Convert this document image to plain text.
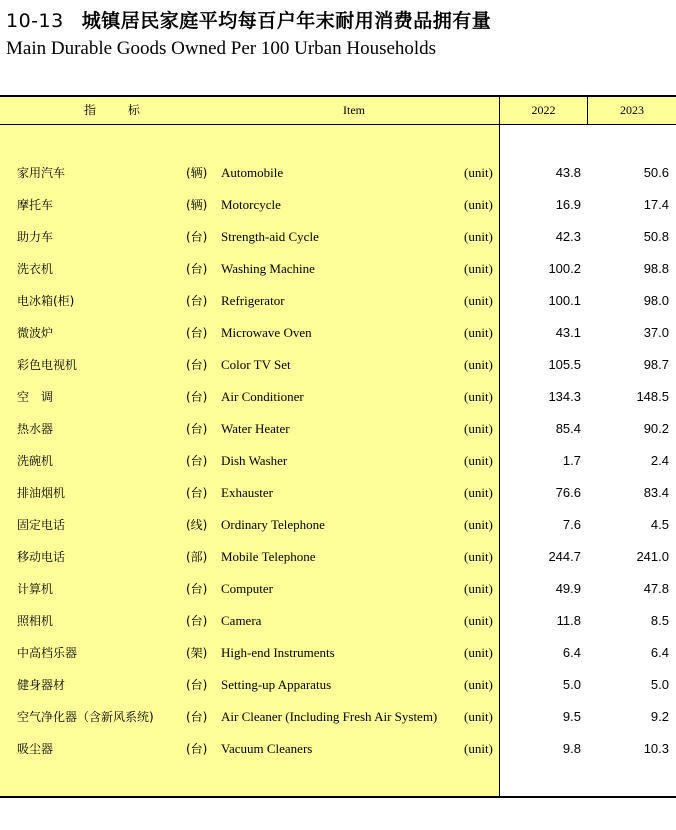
10-13 城镇居民家庭平均每百户年末耐用消费品拥有量
Main Durable Goods Owned Per 100 Urban Households
指 标	Item	2022	2023
家用汽车	(辆) Automobile	(unit)	43.8	50.6
摩托车	(辆) Motorcycle	(unit)	16.9	17.4
助力车	(台) Strength-aid Cycle	(unit)	42.3	50.8
洗衣机	(台) Washing Machine	(unit)	100.2	98.8
电冰箱(柜)	(台) Refrigerator	(unit)	100.1	98.0
微波炉	(台) Microwave Oven	(unit)	43.1	37.0
彩色电视机	(台) Color TV Set	(unit)	105.5	98.7
空　调	(台) Air Conditioner	(unit)	134.3	148.5
热水器	(台) Water Heater	(unit)	85.4	90.2
洗碗机	(台) Dish Washer	(unit)	1.7	2.4
排油烟机	(台) Exhauster	(unit)	76.6	83.4
固定电话	(线) Ordinary Telephone	(unit)	7.6	4.5
移动电话	(部) Mobile Telephone	(unit)	244.7	241.0
计算机	(台) Computer	(unit)	49.9	47.8
照相机	(台) Camera	(unit)	11.8	8.5
中高档乐器	(架) High-end Instruments	(unit)	6.4	6.4
健身器材	(台) Setting-up Apparatus	(unit)	5.0	5.0
空气净化器（含新风系统)	(台) Air Cleaner (Including Fresh Air System) (unit)	9.5	9.2
吸尘器	(台) Vacuum Cleaners	(unit)	9.8	10.3
